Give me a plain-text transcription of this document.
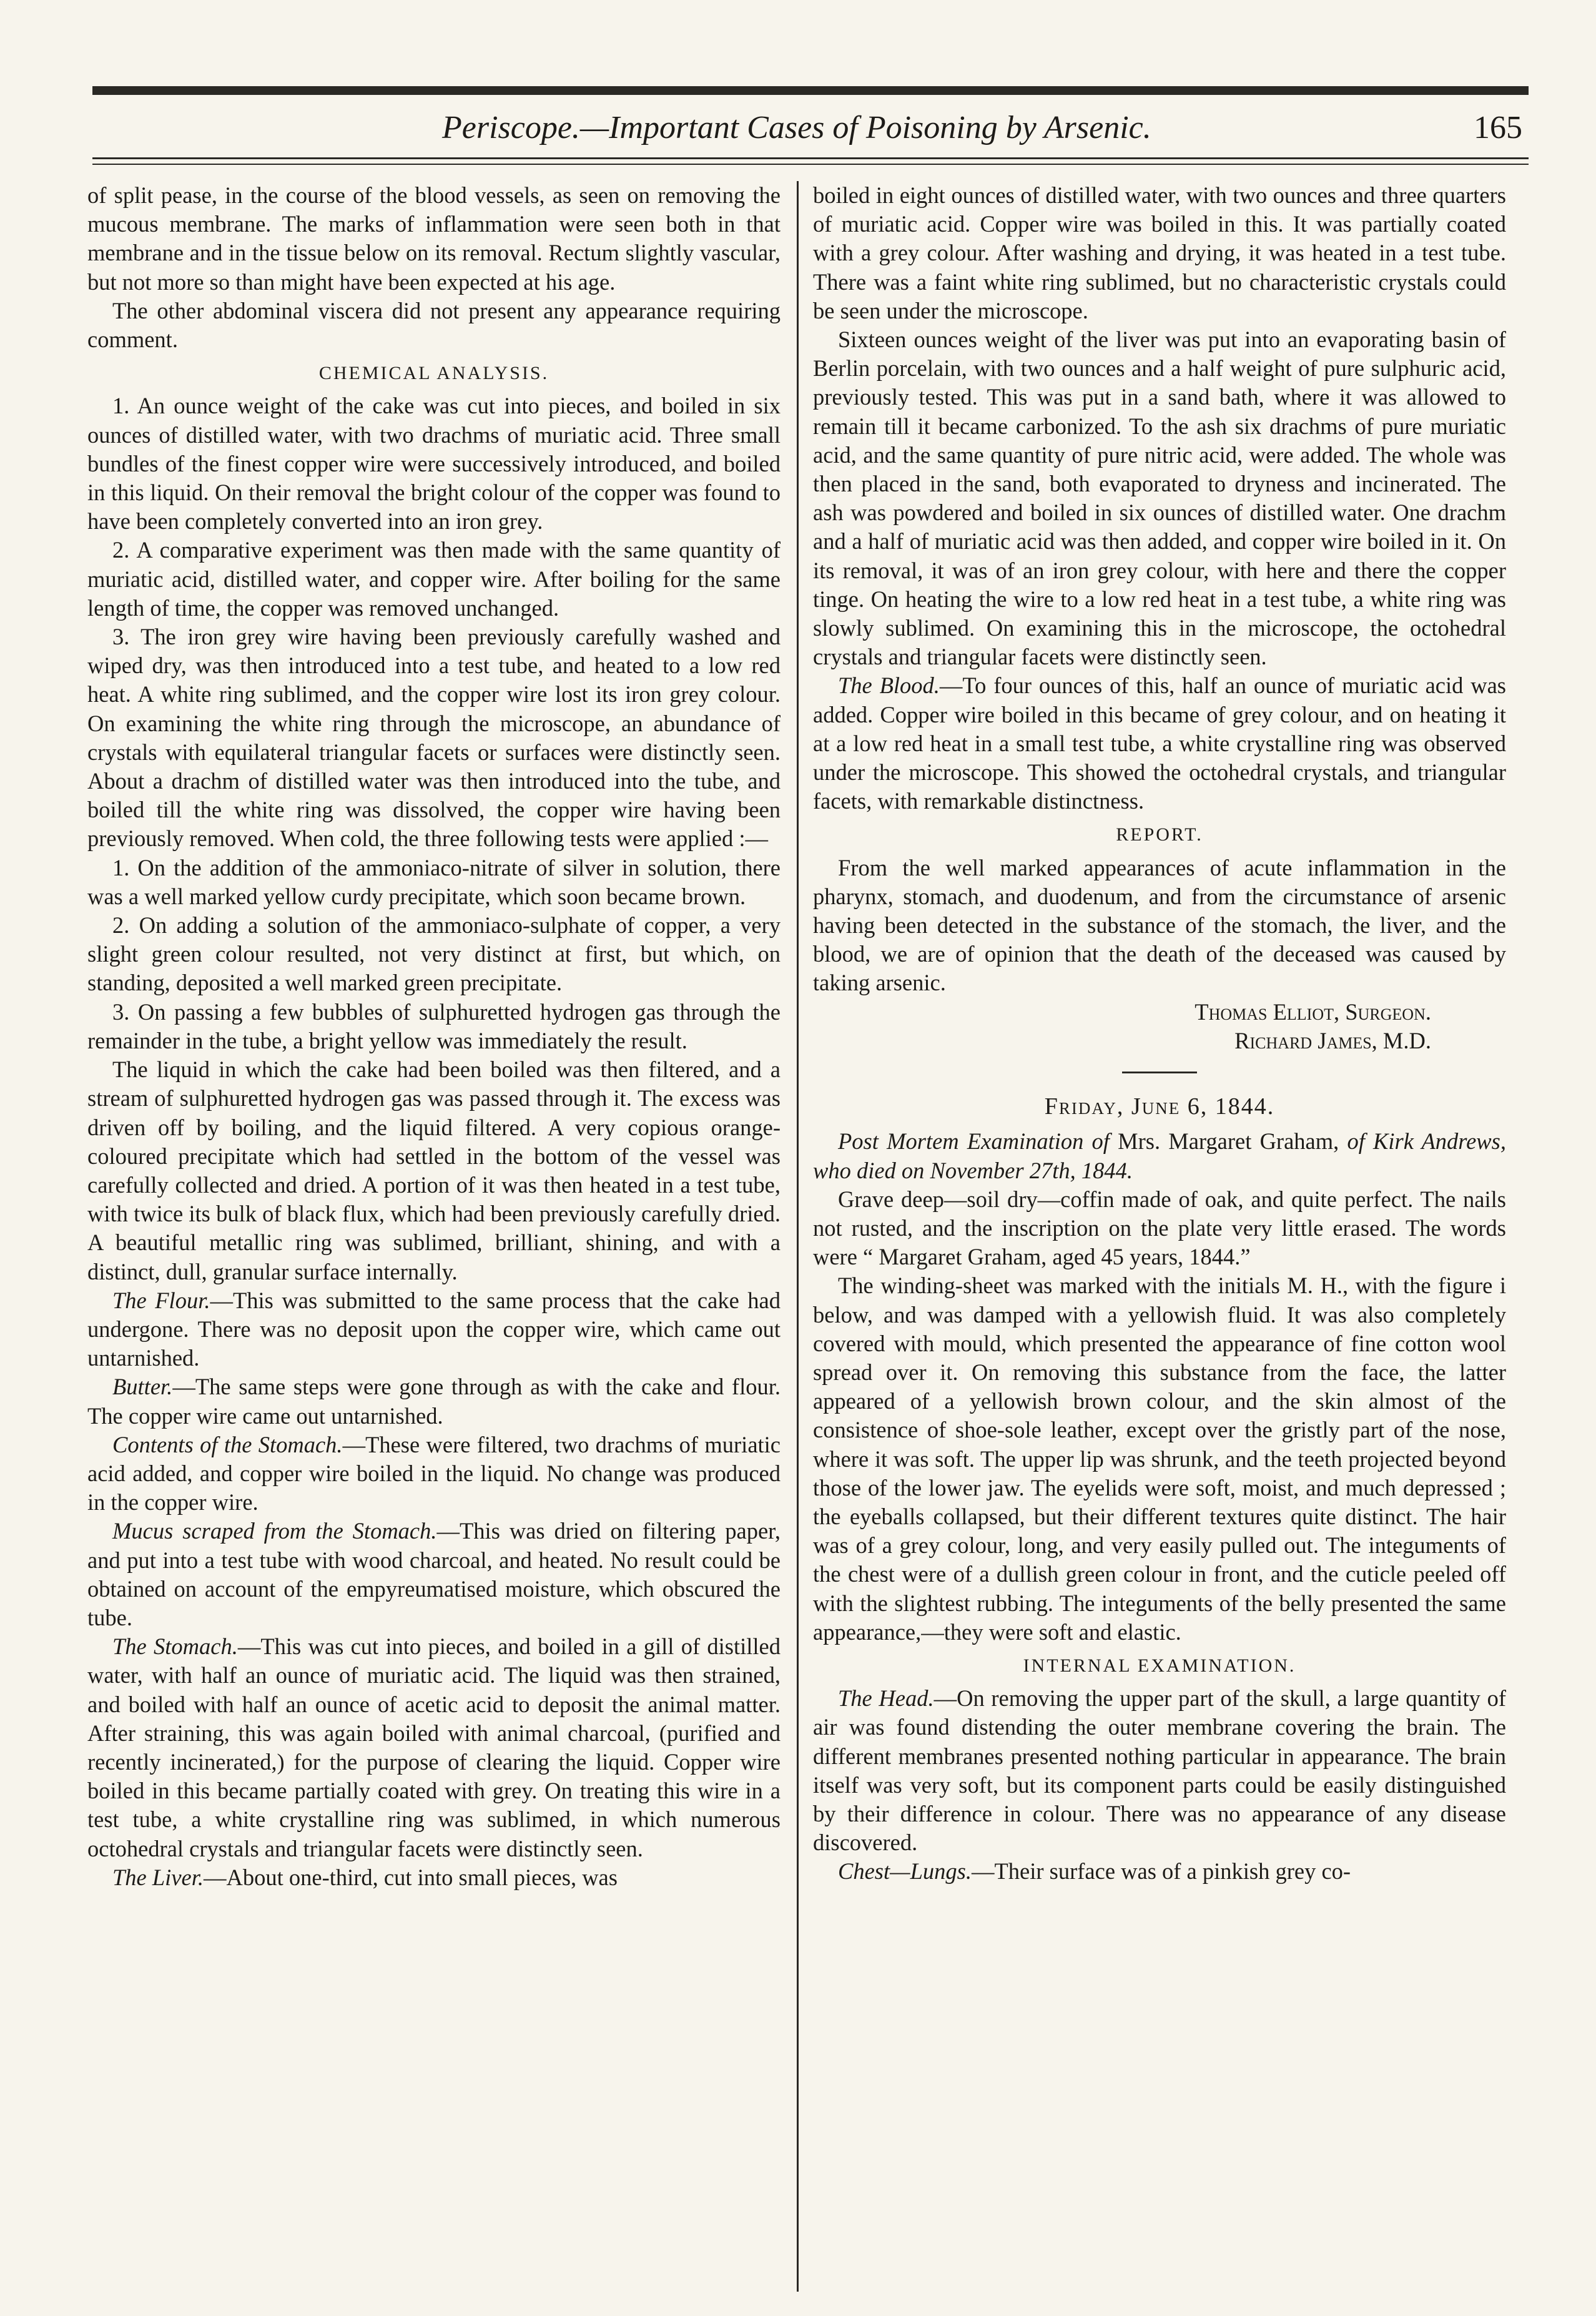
Periscope.—Important Cases of Poisoning by Arsenic.	165

of split pease, in the course of the blood vessels, as seen on removing the mucous membrane. The marks of inflammation were seen both in that membrane and in the tissue below on its removal. Rectum slightly vascular, but not more so than might have been expected at his age.

The other abdominal viscera did not present any appearance requiring comment.

CHEMICAL ANALYSIS.

1. An ounce weight of the cake was cut into pieces, and boiled in six ounces of distilled water, with two drachms of muriatic acid. Three small bundles of the finest copper wire were successively introduced, and boiled in this liquid. On their removal the bright colour of the copper was found to have been completely converted into an iron grey.

2. A comparative experiment was then made with the same quantity of muriatic acid, distilled water, and copper wire. After boiling for the same length of time, the copper was removed unchanged.

3. The iron grey wire having been previously carefully washed and wiped dry, was then introduced into a test tube, and heated to a low red heat. A white ring sublimed, and the copper wire lost its iron grey colour. On examining the white ring through the microscope, an abundance of crystals with equilateral triangular facets or surfaces were distinctly seen. About a drachm of distilled water was then introduced into the tube, and boiled till the white ring was dissolved, the copper wire having been previously removed. When cold, the three following tests were applied :—

1. On the addition of the ammoniaco-nitrate of silver in solution, there was a well marked yellow curdy precipitate, which soon became brown.

2. On adding a solution of the ammoniaco-sulphate of copper, a very slight green colour resulted, not very distinct at first, but which, on standing, deposited a well marked green precipitate.

3. On passing a few bubbles of sulphuretted hydrogen gas through the remainder in the tube, a bright yellow was immediately the result.

The liquid in which the cake had been boiled was then filtered, and a stream of sulphuretted hydrogen gas was passed through it. The excess was driven off by boiling, and the liquid filtered. A very copious orange-coloured precipitate which had settled in the bottom of the vessel was carefully collected and dried. A portion of it was then heated in a test tube, with twice its bulk of black flux, which had been previously carefully dried. A beautiful metallic ring was sublimed, brilliant, shining, and with a distinct, dull, granular surface internally.

The Flour.—This was submitted to the same process that the cake had undergone. There was no deposit upon the copper wire, which came out untarnished.

Butter.—The same steps were gone through as with the cake and flour. The copper wire came out untarnished.

Contents of the Stomach.—These were filtered, two drachms of muriatic acid added, and copper wire boiled in the liquid. No change was produced in the copper wire.

Mucus scraped from the Stomach.—This was dried on filtering paper, and put into a test tube with wood charcoal, and heated. No result could be obtained on account of the empyreumatised moisture, which obscured the tube.

The Stomach.—This was cut into pieces, and boiled in a gill of distilled water, with half an ounce of muriatic acid. The liquid was then strained, and boiled with half an ounce of acetic acid to deposit the animal matter. After straining, this was again boiled with animal charcoal, (purified and recently incinerated,) for the purpose of clearing the liquid. Copper wire boiled in this became partially coated with grey. On treating this wire in a test tube, a white crystalline ring was sublimed, in which numerous octohedral crystals and triangular facets were distinctly seen.

The Liver.—About one-third, cut into small pieces, was

boiled in eight ounces of distilled water, with two ounces and three quarters of muriatic acid. Copper wire was boiled in this. It was partially coated with a grey colour. After washing and drying, it was heated in a test tube. There was a faint white ring sublimed, but no characteristic crystals could be seen under the microscope.

Sixteen ounces weight of the liver was put into an evaporating basin of Berlin porcelain, with two ounces and a half weight of pure sulphuric acid, previously tested. This was put in a sand bath, where it was allowed to remain till it became carbonized. To the ash six drachms of pure muriatic acid, and the same quantity of pure nitric acid, were added. The whole was then placed in the sand, both evaporated to dryness and incinerated. The ash was powdered and boiled in six ounces of distilled water. One drachm and a half of muriatic acid was then added, and copper wire boiled in it. On its removal, it was of an iron grey colour, with here and there the copper tinge. On heating the wire to a low red heat in a test tube, a white ring was slowly sublimed. On examining this in the microscope, the octohedral crystals and triangular facets were distinctly seen.

The Blood.—To four ounces of this, half an ounce of muriatic acid was added. Copper wire boiled in this became of grey colour, and on heating it at a low red heat in a small test tube, a white crystalline ring was observed under the microscope. This showed the octohedral crystals, and triangular facets, with remarkable distinctness.

REPORT.

From the well marked appearances of acute inflammation in the pharynx, stomach, and duodenum, and from the circumstance of arsenic having been detected in the substance of the stomach, the liver, and the blood, we are of opinion that the death of the deceased was caused by taking arsenic.

Thomas Elliot, Surgeon.
Richard James, M.D.
Friday, June 6, 1844.

Post Mortem Examination of Mrs. Margaret Graham, of Kirk Andrews, who died on November 27th, 1844.

Grave deep—soil dry—coffin made of oak, and quite perfect. The nails not rusted, and the inscription on the plate very little erased. The words were “ Margaret Graham, aged 45 years, 1844.”

The winding-sheet was marked with the initials M. H., with the figure i below, and was damped with a yellowish fluid. It was also completely covered with mould, which presented the appearance of fine cotton wool spread over it. On removing this substance from the face, the latter appeared of a yellowish brown colour, and the skin almost of the consistence of shoe-sole leather, except over the gristly part of the nose, where it was soft. The upper lip was shrunk, and the teeth projected beyond those of the lower jaw. The eyelids were soft, moist, and much depressed ; the eyeballs collapsed, but their different textures quite distinct. The hair was of a grey colour, long, and very easily pulled out. The integuments of the chest were of a dullish green colour in front, and the cuticle peeled off with the slightest rubbing. The integuments of the belly presented the same appearance,—they were soft and elastic.

INTERNAL EXAMINATION.

The Head.—On removing the upper part of the skull, a large quantity of air was found distending the outer membrane covering the brain. The different membranes presented nothing particular in appearance. The brain itself was very soft, but its component parts could be easily distinguished by their difference in colour. There was no appearance of any disease discovered.

Chest—Lungs.—Their surface was of a pinkish grey co-
